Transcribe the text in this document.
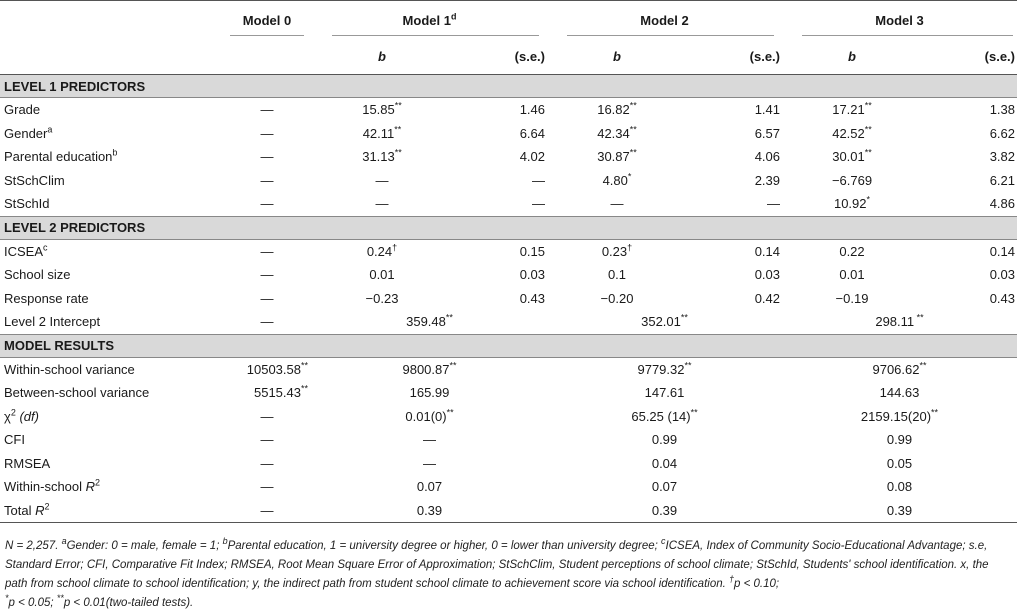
	Model 0	Model 1$^d$		Model 2		Model 3	

		b	(s.e.)	b	(s.e.)	b	(s.e.)
LEVEL 1 PREDICTORS							
Grade	—	15.85**	1.46	16.82**	1.41	17.21**	1.38
Gender$^a$	—	42.11**	6.64	42.34**	6.57	42.52**	6.62
Parental education$^b$	—	31.13**	4.02	30.87**	4.06	30.01**	3.82
StSchClim	—	—	—	4.80*	2.39	−6.769	6.21
StSchId	—	—	—	—	—	10.92*	4.86
LEVEL 2 PREDICTORS							
ICSEA$^c$	—	0.24†	0.15	0.23†	0.14	0.22	0.14
School size	—	0.01	0.03	0.1	0.03	0.01	0.03
Response rate	—	−0.23	0.43	−0.20	0.42	−0.19	0.43
Level 2 Intercept	—	359.48**		352.01**		298.11 **
MODEL RESULTS							
Within-school variance	10503.58**	9800.87**		9779.32**		9706.62**
Between-school variance	5515.43**	165.99		147.61		144.63	
$\chi^2$ (df)	—	0.01(0)**		65.25 (14)**		2159.15(20)**
CFI	—	—		0.99		0.99	
RMSEA	—	—		0.04		0.05	
Within-school $R^2$	—	0.07		0.07		0.08	
Total $R^2$	—	0.39		0.39		0.39	
N = 2,257. $^a$Gender: 0 = male, female = 1; $^b$Parental education, 1 = university degree or higher, 0 = lower than university degree; $^c$ICSEA, Index of Community Socio-Educational Advantage; s.e, Standard Error; CFI, Comparative Fit Index; RMSEA, Root Mean Square Error of Approximation; StSchClim, Student perceptions of school climate; StSchId, Students' school identification. x, the path from school climate to school identification; y, the indirect path from student school climate to achievement score via school identification. †p < 0.10;
*p < 0.05; **p < 0.01(two-tailed tests).
